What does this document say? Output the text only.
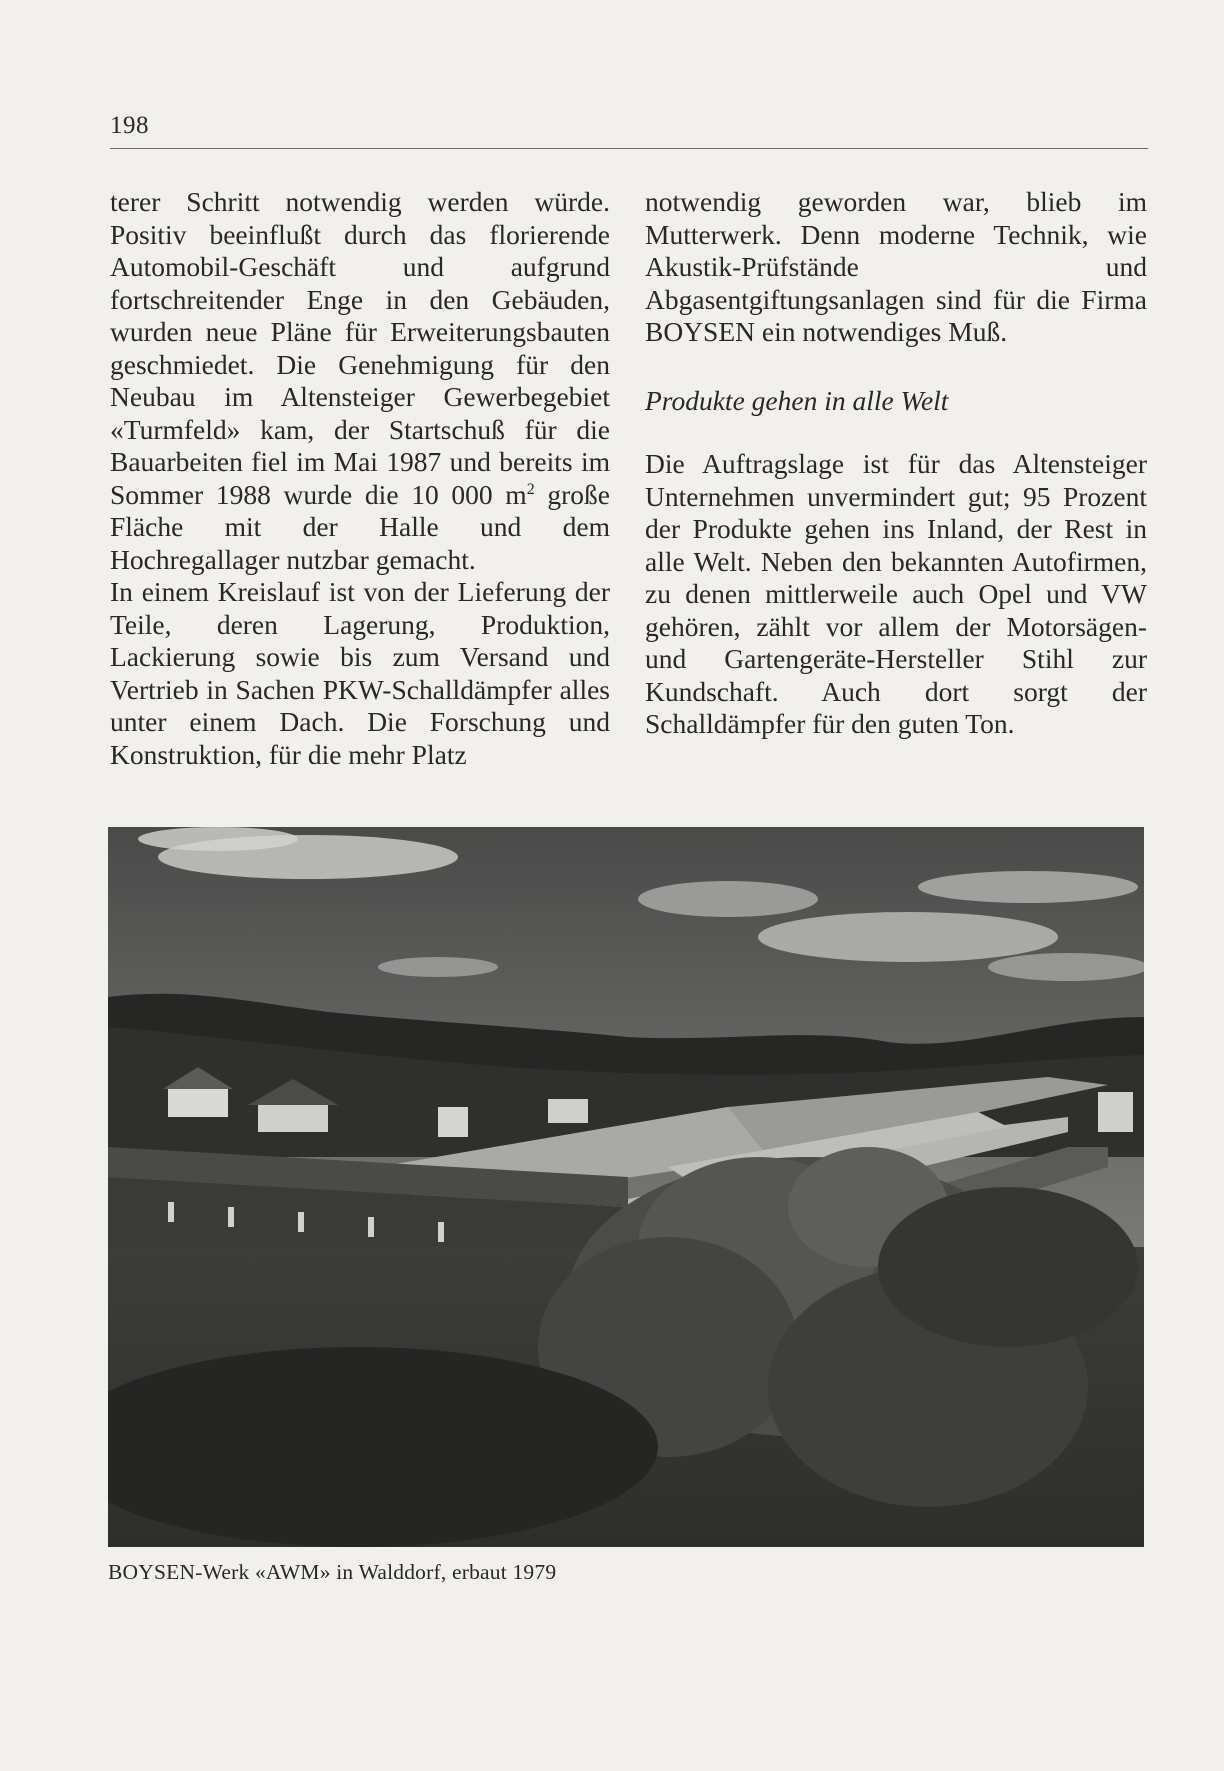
198

terer Schritt notwendig werden würde. Positiv beeinflußt durch das florierende Automobil-Geschäft und aufgrund fortschreitender Enge in den Gebäuden, wurden neue Pläne für Erweiterungsbauten geschmiedet. Die Genehmigung für den Neubau im Altensteiger Gewerbegebiet «Turmfeld» kam, der Startschuß für die Bauarbeiten fiel im Mai 1987 und bereits im Sommer 1988 wurde die 10 000 $m^2$ große Fläche mit der Halle und dem Hochregallager nutzbar gemacht.

In einem Kreislauf ist von der Lieferung der Teile, deren Lagerung, Produktion, Lackierung sowie bis zum Versand und Vertrieb in Sachen PKW-Schalldämpfer alles unter einem Dach. Die Forschung und Konstruktion, für die mehr Platz

notwendig geworden war, blieb im Mutterwerk. Denn moderne Technik, wie Akustik-Prüfstände und Abgasentgiftungsanlagen sind für die Firma BOYSEN ein notwendiges Muß.

Produkte gehen in alle Welt

Die Auftragslage ist für das Altensteiger Unternehmen unvermindert gut; 95 Prozent der Produkte gehen ins Inland, der Rest in alle Welt. Neben den bekannten Autofirmen, zu denen mittlerweile auch Opel und VW gehören, zählt vor allem der Motorsägen- und Gartengeräte-Hersteller Stihl zur Kundschaft. Auch dort sorgt der Schalldämpfer für den guten Ton.

BOYSEN-Werk «AWM» in Walddorf, erbaut 1979
